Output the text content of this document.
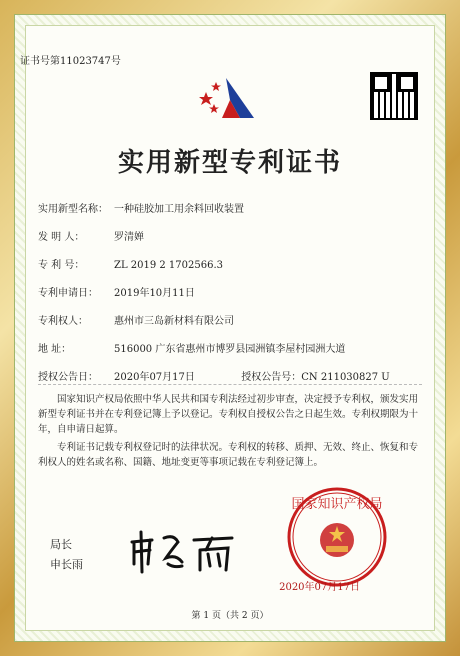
证书号第11023747号
实用新型专利证书
实用新型名称： 一种硅胶加工用余料回收装置
发 明 人：	罗清婵
专 利 号：	ZL 2019 2 1702566.3
专利申请日： 2019年10月11日
专利权人：	惠州市三岛新材料有限公司
地 址：	516000 广东省惠州市博罗县园洲镇李屋村园洲大道
授权公告日： 2020年07月17日	授权公告号：CN 211030827 U
国家知识产权局依照中华人民共和国专利法经过初步审查，决定授予专利权，颁发实用新型专利证书并在专利登记簿上予以登记。专利权自授权公告之日起生效。专利权期限为十年，自申请日起算。
专利证书记载专利权登记时的法律状况。专利权的转移、质押、无效、终止、恢复和专利权人的姓名或名称、国籍、地址变更等事项记载在专利登记簿上。
局长
申长雨
国家知识产权局
2020年07月17日
第 1 页（共 2 页）
